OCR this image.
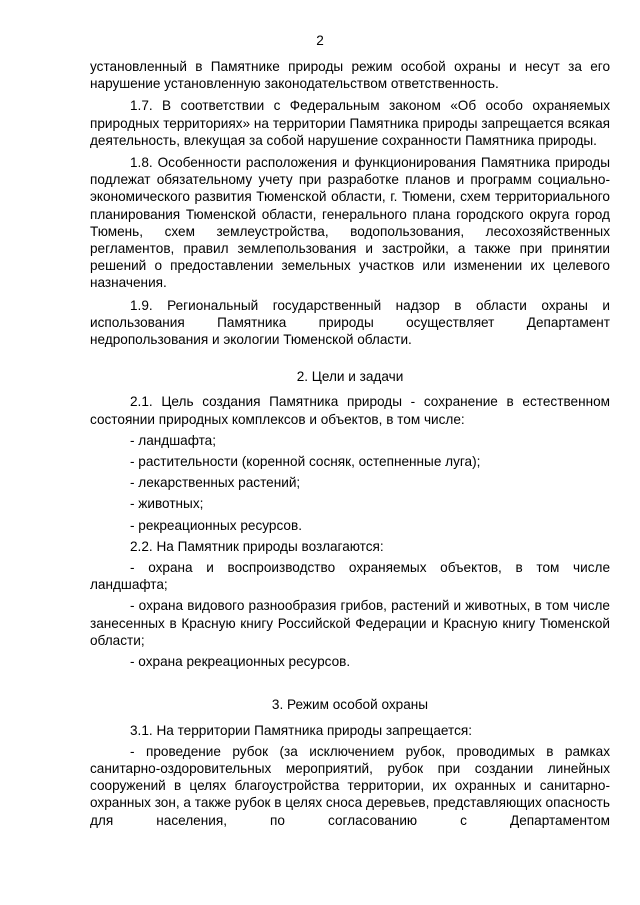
2

установленный в Памятнике природы режим особой охраны и несут за его нарушение установленную законодательством ответственность.

1.7. В соответствии с Федеральным законом «Об особо охраняемых природных территориях» на территории Памятника природы запрещается всякая деятельность, влекущая за собой нарушение сохранности Памятника природы.

1.8. Особенности расположения и функционирования Памятника природы подлежат обязательному учету при разработке планов и программ социально-экономического развития Тюменской области, г. Тюмени, схем территориального планирования Тюменской области, генерального плана городского округа город Тюмень, схем землеустройства, водопользования, лесохозяйственных регламентов, правил землепользования и застройки, а также при принятии решений о предоставлении земельных участков или изменении их целевого назначения.

1.9. Региональный государственный надзор в области охраны и использования Памятника природы осуществляет Департамент недропользования и экологии Тюменской области.

2. Цели и задачи

2.1. Цель создания Памятника природы - сохранение в естественном состоянии природных комплексов и объектов, в том числе:

- ландшафта;

- растительности (коренной сосняк, остепненные луга);

- лекарственных растений;

- животных;

- рекреационных ресурсов.

2.2. На Памятник природы возлагаются:

- охрана и воспроизводство охраняемых объектов, в том числе ландшафта;

- охрана видового разнообразия грибов, растений и животных, в том числе занесенных в Красную книгу Российской Федерации и Красную книгу Тюменской области;

- охрана рекреационных ресурсов.

3. Режим особой охраны

3.1. На территории Памятника природы запрещается:

- проведение рубок (за исключением рубок, проводимых в рамках санитарно-оздоровительных мероприятий, рубок при создании линейных сооружений в целях благоустройства территории, их охранных и санитарно-охранных зон, а также рубок в целях сноса деревьев, представляющих опасность для населения, по согласованию с Департаментом
